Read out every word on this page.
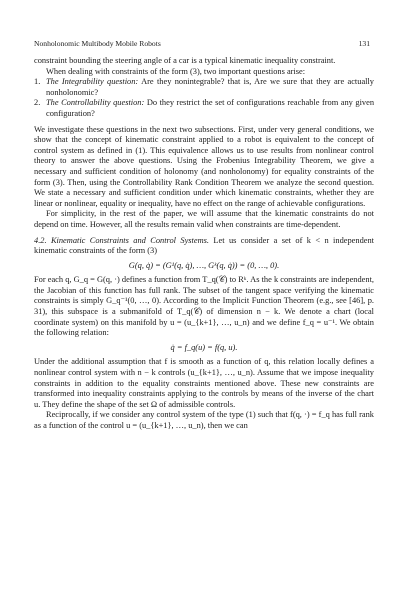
Nonholonomic Multibody Mobile Robots	131

constraint bounding the steering angle of a car is a typical kinematic inequality constraint.

When dealing with constraints of the form (3), two important questions arise:

1. The Integrability question: Are they nonintegrable? that is, Are we sure that they are actually nonholonomic?
2. The Controllability question: Do they restrict the set of configurations reachable from any given configuration?

We investigate these questions in the next two subsections. First, under very general conditions, we show that the concept of kinematic constraint applied to a robot is equivalent to the concept of control system as defined in (1). This equivalence allows us to use results from nonlinear control theory to answer the above questions. Using the Frobenius Integrability Theorem, we give a necessary and sufficient condition of holonomy (and nonholonomy) for equality constraints of the form (3). Then, using the Controllability Rank Condition Theorem we analyze the second question. We state a necessary and sufficient condition under which kinematic constraints, whether they are linear or nonlinear, equality or inequality, have no effect on the range of achievable configurations.

For simplicity, in the rest of the paper, we will assume that the kinematic constraints do not depend on time. However, all the results remain valid when constraints are time-dependent.

4.2. Kinematic Constraints and Control Systems. Let us consider a set of k < n independent kinematic constraints of the form (3)

G(q, q̇) = (G¹(q, q̇), …, Gᵏ(q, q̇)) = (0, …, 0).

For each q, G_q = G(q, ·) defines a function from T_q(𝒞) to Rᵏ. As the k constraints are independent, the Jacobian of this function has full rank. The subset of the tangent space verifying the kinematic constraints is simply G_q⁻¹(0, …, 0). According to the Implicit Function Theorem (e.g., see [46], p. 31), this subspace is a submanifold of T_q(𝒞) of dimension n − k. We denote a chart (local coordinate system) on this manifold by u = (u_{k+1}, …, u_n) and we define f_q = u⁻¹. We obtain the following relation:

q̇ = f_q(u) = f(q, u).

Under the additional assumption that f is smooth as a function of q, this relation locally defines a nonlinear control system with n − k controls (u_{k+1}, …, u_n). Assume that we impose inequality constraints in addition to the equality constraints mentioned above. These new constraints are transformed into inequality constraints applying to the controls by means of the inverse of the chart u. They define the shape of the set Ω of admissible controls.

Reciprocally, if we consider any control system of the type (1) such that f(q, ·) = f_q has full rank as a function of the control u = (u_{k+1}, …, u_n), then we can
